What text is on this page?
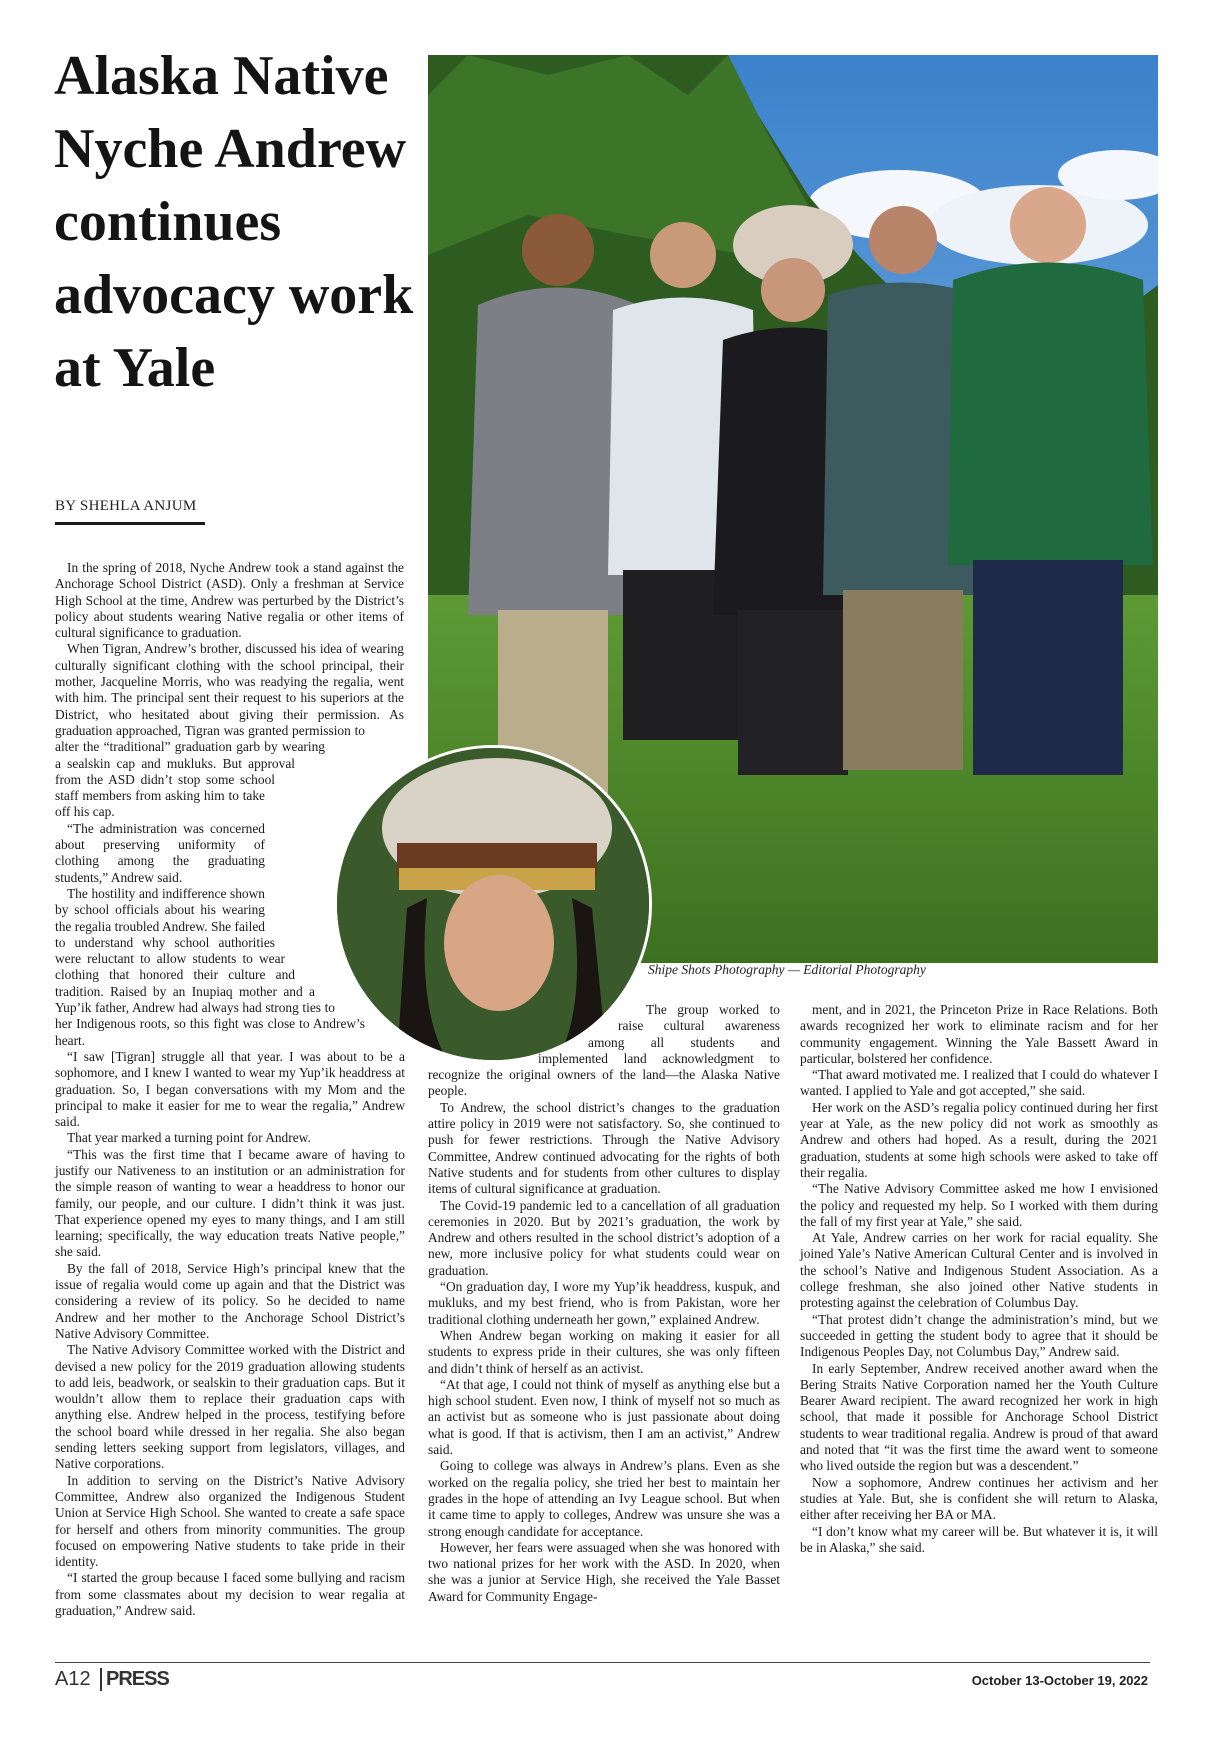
Alaska Native Nyche Andrew continues advocacy work at Yale
BY SHEHLA ANJUM
Shipe Shots Photography — Editorial Photography

In the spring of 2018, Nyche Andrew took a stand against the Anchorage School District (ASD). Only a freshman at Service High School at the time, Andrew was perturbed by the District’s policy about students wearing Native regalia or other items of cultural significance to graduation.

When Tigran, Andrew’s brother, discussed his idea of wearing culturally significant clothing with the school principal, their mother, Jacqueline Morris, who was readying the regalia, went with him. The principal sent their request to his superiors at the District, who hesitated about giving their permission. As graduation approached, Tigran was granted permission to alter the “traditional” graduation garb by wearing a sealskin cap and mukluks. But approval from the ASD didn’t stop some school staff members from asking him to take off his cap.

“The administration was concerned about preserving uniformity of clothing among the graduating students,” Andrew said.

The hostility and indifference shown by school officials about his wearing the regalia troubled Andrew. She failed to understand why school authorities were reluctant to allow students to wear clothing that honored their culture and tradition. Raised by an Inupiaq mother and a Yup’ik father, Andrew had always had strong ties to her Indigenous roots, so this fight was close to Andrew’s heart.

“I saw [Tigran] struggle all that year. I was about to be a sophomore, and I knew I wanted to wear my Yup’ik headdress at graduation. So, I began conversations with my Mom and the principal to make it easier for me to wear the regalia,” Andrew said.

That year marked a turning point for Andrew.

“This was the first time that I became aware of having to justify our Nativeness to an institution or an administration for the simple reason of wanting to wear a headdress to honor our family, our people, and our culture. I didn’t think it was just. That experience opened my eyes to many things, and I am still learning; specifically, the way education treats Native people,” she said.

By the fall of 2018, Service High’s principal knew that the issue of regalia would come up again and that the District was considering a review of its policy. So he decided to name Andrew and her mother to the Anchorage School District’s Native Advisory Committee.

The Native Advisory Committee worked with the District and devised a new policy for the 2019 graduation allowing students to add leis, beadwork, or sealskin to their graduation caps. But it wouldn’t allow them to replace their graduation caps with anything else. Andrew helped in the process, testifying before the school board while dressed in her regalia. She also began sending letters seeking support from legislators, villages, and Native corporations.

In addition to serving on the District’s Native Advisory Committee, Andrew also organized the Indigenous Student Union at Service High School. She wanted to create a safe space for herself and others from minority communities. The group focused on empowering Native students to take pride in their identity.

“I started the group because I faced some bullying and racism from some classmates about my decision to wear regalia at graduation,” Andrew said.

The group worked to raise cultural awareness among all students and implemented land acknowledgment to recognize the original owners of the land—the Alaska Native people.

To Andrew, the school district’s changes to the graduation attire policy in 2019 were not satisfactory. So, she continued to push for fewer restrictions. Through the Native Advisory Committee, Andrew continued advocating for the rights of both Native students and for students from other cultures to display items of cultural significance at graduation.

The Covid-19 pandemic led to a cancellation of all graduation ceremonies in 2020. But by 2021’s graduation, the work by Andrew and others resulted in the school district’s adoption of a new, more inclusive policy for what students could wear on graduation.

“On graduation day, I wore my Yup’ik headdress, kuspuk, and mukluks, and my best friend, who is from Pakistan, wore her traditional clothing underneath her gown,” explained Andrew.

When Andrew began working on making it easier for all students to express pride in their cultures, she was only fifteen and didn’t think of herself as an activist.

“At that age, I could not think of myself as anything else but a high school student. Even now, I think of myself not so much as an activist but as someone who is just passionate about doing what is good. If that is activism, then I am an activist,” Andrew said.

Going to college was always in Andrew’s plans. Even as she worked on the regalia policy, she tried her best to maintain her grades in the hope of attending an Ivy League school. But when it came time to apply to colleges, Andrew was unsure she was a strong enough candidate for acceptance.

However, her fears were assuaged when she was honored with two national prizes for her work with the ASD. In 2020, when she was a junior at Service High, she received the Yale Basset Award for Community Engage-

ment, and in 2021, the Princeton Prize in Race Relations. Both awards recognized her work to eliminate racism and for her community engagement. Winning the Yale Bassett Award in particular, bolstered her confidence.

“That award motivated me. I realized that I could do whatever I wanted. I applied to Yale and got accepted,” she said.

Her work on the ASD’s regalia policy continued during her first year at Yale, as the new policy did not work as smoothly as Andrew and others had hoped. As a result, during the 2021 graduation, students at some high schools were asked to take off their regalia.

“The Native Advisory Committee asked me how I envisioned the policy and requested my help. So I worked with them during the fall of my first year at Yale,” she said.

At Yale, Andrew carries on her work for racial equality. She joined Yale’s Native American Cultural Center and is involved in the school’s Native and Indigenous Student Association. As a college freshman, she also joined other Native students in protesting against the celebration of Columbus Day.

“That protest didn’t change the administration’s mind, but we succeeded in getting the student body to agree that it should be Indigenous Peoples Day, not Columbus Day,” Andrew said.

In early September, Andrew received another award when the Bering Straits Native Corporation named her the Youth Culture Bearer Award recipient. The award recognized her work in high school, that made it possible for Anchorage School District students to wear traditional regalia. Andrew is proud of that award and noted that “it was the first time the award went to someone who lived outside the region but was a descendent.”

Now a sophomore, Andrew continues her activism and her studies at Yale. But, she is confident she will return to Alaska, either after receiving her BA or MA.

“I don’t know what my career will be. But whatever it is, it will be in Alaska,” she said.

A12 PRESS	October 13-October 19, 2022
